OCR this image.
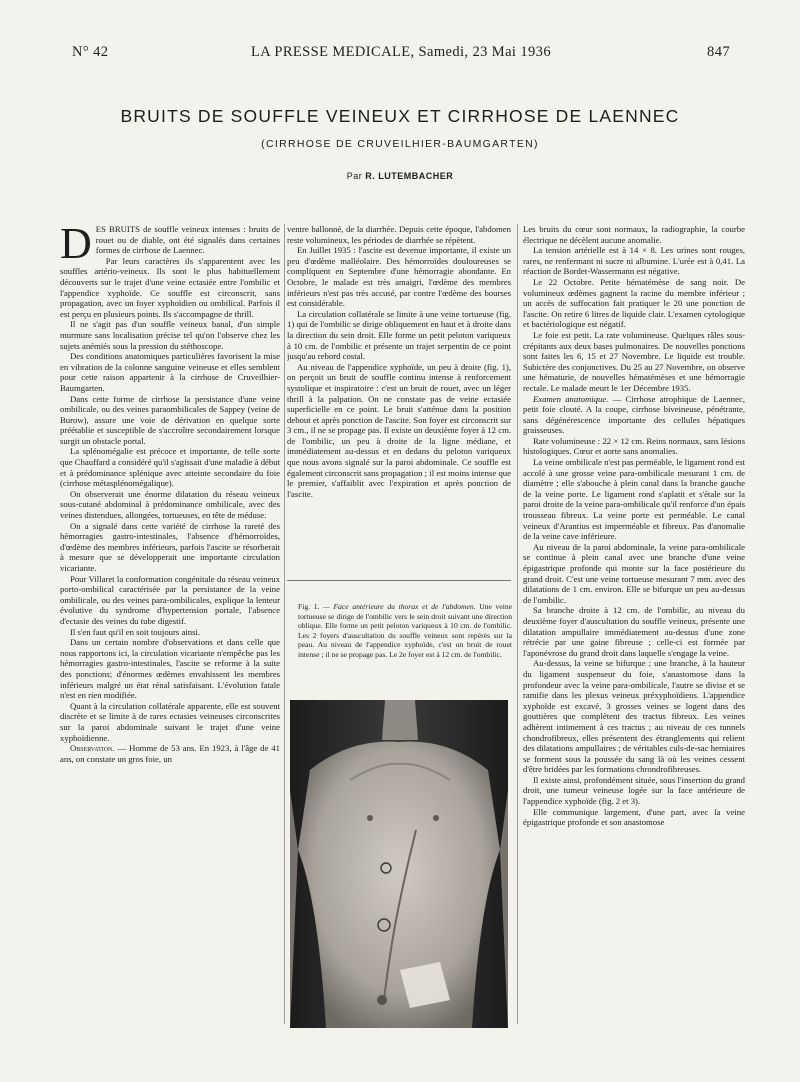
N° 42	LA PRESSE MEDICALE, Samedi, 23 Mai 1936	847
BRUITS DE SOUFFLE VEINEUX ET CIRRHOSE DE LAENNEC
(CIRRHOSE DE CRUVEILHIER-BAUMGARTEN)
Par R. LUTEMBACHER

DES BRUITS de souffle veineux intenses : bruits de rouet ou de diable, ont été signalés dans certaines formes de cirrhose de Laennec.

Par leurs caractères ils s'apparentent avec les souffles artério-veineux. Ils sont le plus habituellement découverts sur le trajet d'une veine ectasiée entre l'ombilic et l'appendice xyphoïde. Ce souffle est circonscrit, sans propagation, avec un foyer xyphoïdien ou ombilical. Parfois il est perçu en plusieurs points. Ils s'accompagne de thrill.

Il ne s'agit pas d'un souffle veineux banal, d'un simple murmure sans localisation précise tel qu'on l'observe chez les sujets anémiés sous la pression du stéthoscope.

Des conditions anatomiques particulières favorisent la mise en vibration de la colonne sanguine veineuse et elles semblent pour cette raison appartenir à la cirrhose de Cruveilhier-Baumgarten.

Dans cette forme de cirrhose la persistance d'une veine ombilicale, ou des veines paraombilicales de Sappey (veine de Burow), assure une voie de dérivation en quelque sorte préétablie et susceptible de s'accroître secondairement lorsque surgit un obstacle portal.

La splénomégalie est précoce et importante, de telle sorte que Chauffard a considéré qu'il s'agissait d'une maladie à début et à prédominance splénique avec atteinte secondaire du foie (cirrhose métasplénomégalique).

On observerait une énorme dilatation du réseau veineux sous-cutané abdominal à prédominance ombilicale, avec des veines distendues, allongées, tortueuses, en tête de méduse.

On a signalé dans cette variété de cirrhose la rareté des hémorragies gastro-intestinales, l'absence d'hémorroïdes, d'œdème des membres inférieurs, parfois l'ascite se résorberait à mesure que se développerait une importante circulation vicariante.

Pour Villaret la conformation congénitale du réseau veineux porto-ombilical caractérisée par la persistance de la veine ombilicale, ou des veines para-ombilicales, explique la lenteur évolutive du syndrome d'hypertension portale, l'absence d'ectasie des veines du tube digestif.

Il s'en faut qu'il en soit toujours ainsi.

Dans un certain nombre d'observations et dans celle que nous rapportons ici, la circulation vicariante n'empêche pas les hémorragies gastro-intestinales, l'ascite se reforme à la suite des ponctions; d'énormes œdèmes envahissent les membres inférieurs malgré un état rénal satisfaisant. L'évolution fatale n'est en rien modifiée.

Quant à la circulation collatérale apparente, elle est souvent discrète et se limite à de rares ectasies veineuses circonscrites sur la paroi abdominale suivant le trajet d'une veine xyphoïdienne.

Observation. — Homme de 53 ans. En 1923, à l'âge de 41 ans, on constate un gros foie, un

ventre ballonné, de la diarrhée. Depuis cette époque, l'abdomen reste volumineux, les périodes de diarrhée se répètent.

En Juillet 1935 : l'ascite est devenue importante, il existe un peu d'œdème malléolaire. Des hémorroïdes douloureuses se compliquent en Septembre d'une hémorragie abondante. En Octobre, le malade est très amaigri, l'œdème des membres inférieurs n'est pas très accusé, par contre l'œdème des bourses est considérable.

La circulation collatérale se limite à une veine tortueuse (fig. 1) qui de l'ombilic se dirige obliquement en haut et à droite dans la direction du sein droit. Elle forme un petit peloton variqueux à 10 cm. de l'ombilic et présente un trajet serpentin de ce point jusqu'au rebord costal.

Au niveau de l'appendice xyphoïde, un peu à droite (fig. 1), on perçoit un bruit de souffle continu intense à renforcement systolique et inspiratoire : c'est un bruit de rouet, avec un léger thrill à la palpation. On ne constate pas de veine ectasiée superficielle en ce point. Le bruit s'atténue dans la position debout et après ponction de l'ascite. Son foyer est circonscrit sur 3 cm., il ne se propage pas. Il existe un deuxième foyer à 12 cm. de l'ombilic, un peu à droite de la ligne médiane, et immédiatement au-dessus et en dedans du peloton variqueux que nous avons signalé sur la paroi abdominale. Ce souffle est également circonscrit sans propagation ; il est moins intense que le premier, s'affaiblit avec l'expiration et après ponction de l'ascite.

Fig. 1. — Face antérieure du thorax et de l'abdomen. Une veine tortueuse se dirige de l'ombilic vers le sein droit suivant une direction oblique. Elle forme un petit peloton variqueux à 10 cm. de l'ombilic. Les 2 foyers d'auscultation du souffle veineux sont repérés sur la peau. Au niveau de l'appendice xyphoïde, c'est un bruit de rouet intense ; il ne se propage pas. Le 2e foyer est à 12 cm. de l'ombilic.

Les bruits du cœur sont normaux, la radiographie, la courbe électrique ne décèlent aucune anomalie.

La tension artérielle est à 14 × 8. Les urines sont rouges, rares, ne renfermant ni sucre ni albumine. L'urée est à 0,41. La réaction de Bordet-Wassermann est négative.

Le 22 Octobre. Petite hématémèse de sang noir. De volumineux œdèmes gagnent la racine du membre inférieur ; un accès de suffocation fait pratiquer le 20 une ponction de l'ascite. On retire 6 litres de liquide clair. L'examen cytologique et bactériologique est négatif.

Le foie est petit. La rate volumineuse. Quelques râles sous-crépitants aux deux bases pulmonaires. De nouvelles ponctions sont faites les 6, 15 et 27 Novembre. Le liquide est trouble. Subictère des conjonctives. Du 25 au 27 Novembre, on observe une hématurie, de nouvelles hématémèses et une hémorragie rectale. Le malade meurt le 1er Décembre 1935.

Examen anatomique. — Cirrhose atrophique de Laennec, petit foie clouté. A la coupe, cirrhose biveineuse, pénétrante, sans dégénérescence importante des cellules hépatiques graisseuses.

Rate volumineuse : 22 × 12 cm. Reins normaux, sans lésions histologiques. Cœur et aorte sans anomalies.

La veine ombilicale n'est pas perméable, le ligament rond est accolé à une grosse veine para-ombilicale mesurant 1 cm. de diamètre ; elle s'abouche à plein canal dans la branche gauche de la veine porte. Le ligament rond s'aplatit et s'étale sur la paroi droite de la veine para-ombilicale qu'il renforce d'un épais trousseau fibreux. La veine porte est perméable. Le canal veineux d'Arantius est imperméable et fibreux. Pas d'anomalie de la veine cave inférieure.

Au niveau de la paroi abdominale, la veine para-ombilicale se continue à plein canal avec une branche d'une veine épigastrique profonde qui monte sur la face postérieure du grand droit. C'est une veine tortueuse mesurant 7 mm. avec des dilatations de 1 cm. environ. Elle se bifurque un peu au-dessus de l'ombilic.

Sa branche droite à 12 cm. de l'ombilic, au niveau du deuxième foyer d'auscultation du souffle veineux, présente une dilatation ampullaire immédiatement au-dessus d'une zone rétrécie par une gaine fibreuse ; celle-ci est formée par l'aponévrose du grand droit dans laquelle s'engage la veine.

Au-dessus, la veine se bifurque ; une branche, à la hauteur du ligament suspenseur du foie, s'anastomose dans la profondeur avec la veine para-ombilicale, l'autre se divise et se ramifie dans les plexus veineux préxyphoïdiens. L'appendice xyphoïde est excavé, 3 grosses veines se logent dans des gouttières que complètent des tractus fibreux. Les veines adhèrent intimement à ces tractus ; au niveau de ces tunnels chondrofibreux, elles présentent des étranglements qui relient des dilatations ampullaires ; de véritables culs-de-sac herniaires se forment sous la poussée du sang là où les veines cessent d'être bridées par les formations chrondrofibreuses.

Il existe ainsi, profondément située, sous l'insertion du grand droit, une tumeur veineuse logée sur la face antérieure de l'appendice xyphoïde (fig. 2 et 3).

Elle communique largement, d'une part, avec la veine épigastrique profonde et son anastomose
